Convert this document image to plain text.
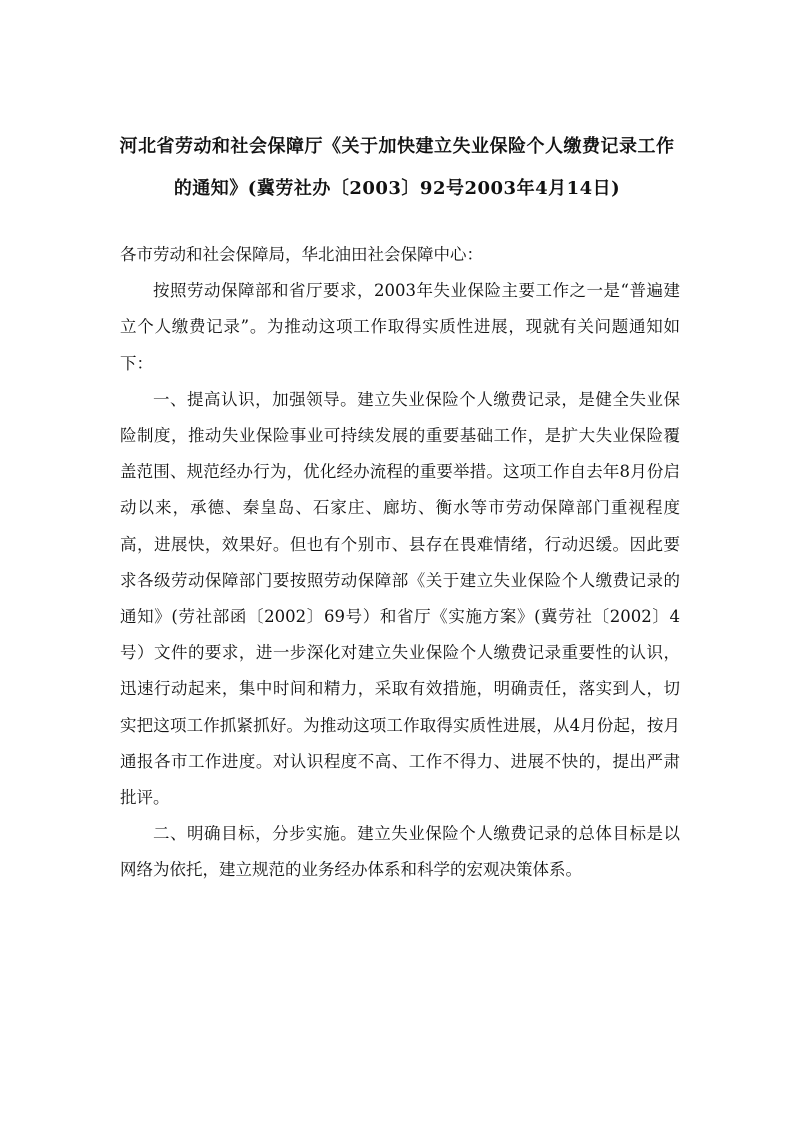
河北省劳动和社会保障厅《关于加快建立失业保险个人缴费记录工作
的通知》(冀劳社办〔2003〕92号2003年4月14日)

各市劳动和社会保障局，华北油田社会保障中心：

按照劳动保障部和省厅要求，2003年失业保险主要工作之一是“普遍建立个人缴费记录”。为推动这项工作取得实质性进展，现就有关问题通知如下：

一、提高认识，加强领导。建立失业保险个人缴费记录，是健全失业保险制度，推动失业保险事业可持续发展的重要基础工作，是扩大失业保险覆盖范围、规范经办行为，优化经办流程的重要举措。这项工作自去年8月份启动以来，承德、秦皇岛、石家庄、廊坊、衡水等市劳动保障部门重视程度高，进展快，效果好。但也有个别市、县存在畏难情绪，行动迟缓。因此要求各级劳动保障部门要按照劳动保障部《关于建立失业保险个人缴费记录的通知》(劳社部函〔2002〕69号）和省厅《实施方案》(冀劳社〔2002〕4号）文件的要求，进一步深化对建立失业保险个人缴费记录重要性的认识，迅速行动起来，集中时间和精力，采取有效措施，明确责任，落实到人，切实把这项工作抓紧抓好。为推动这项工作取得实质性进展，从4月份起，按月通报各市工作进度。对认识程度不高、工作不得力、进展不快的，提出严肃批评。

二、明确目标，分步实施。建立失业保险个人缴费记录的总体目标是以网络为依托，建立规范的业务经办体系和科学的宏观决策体系。
